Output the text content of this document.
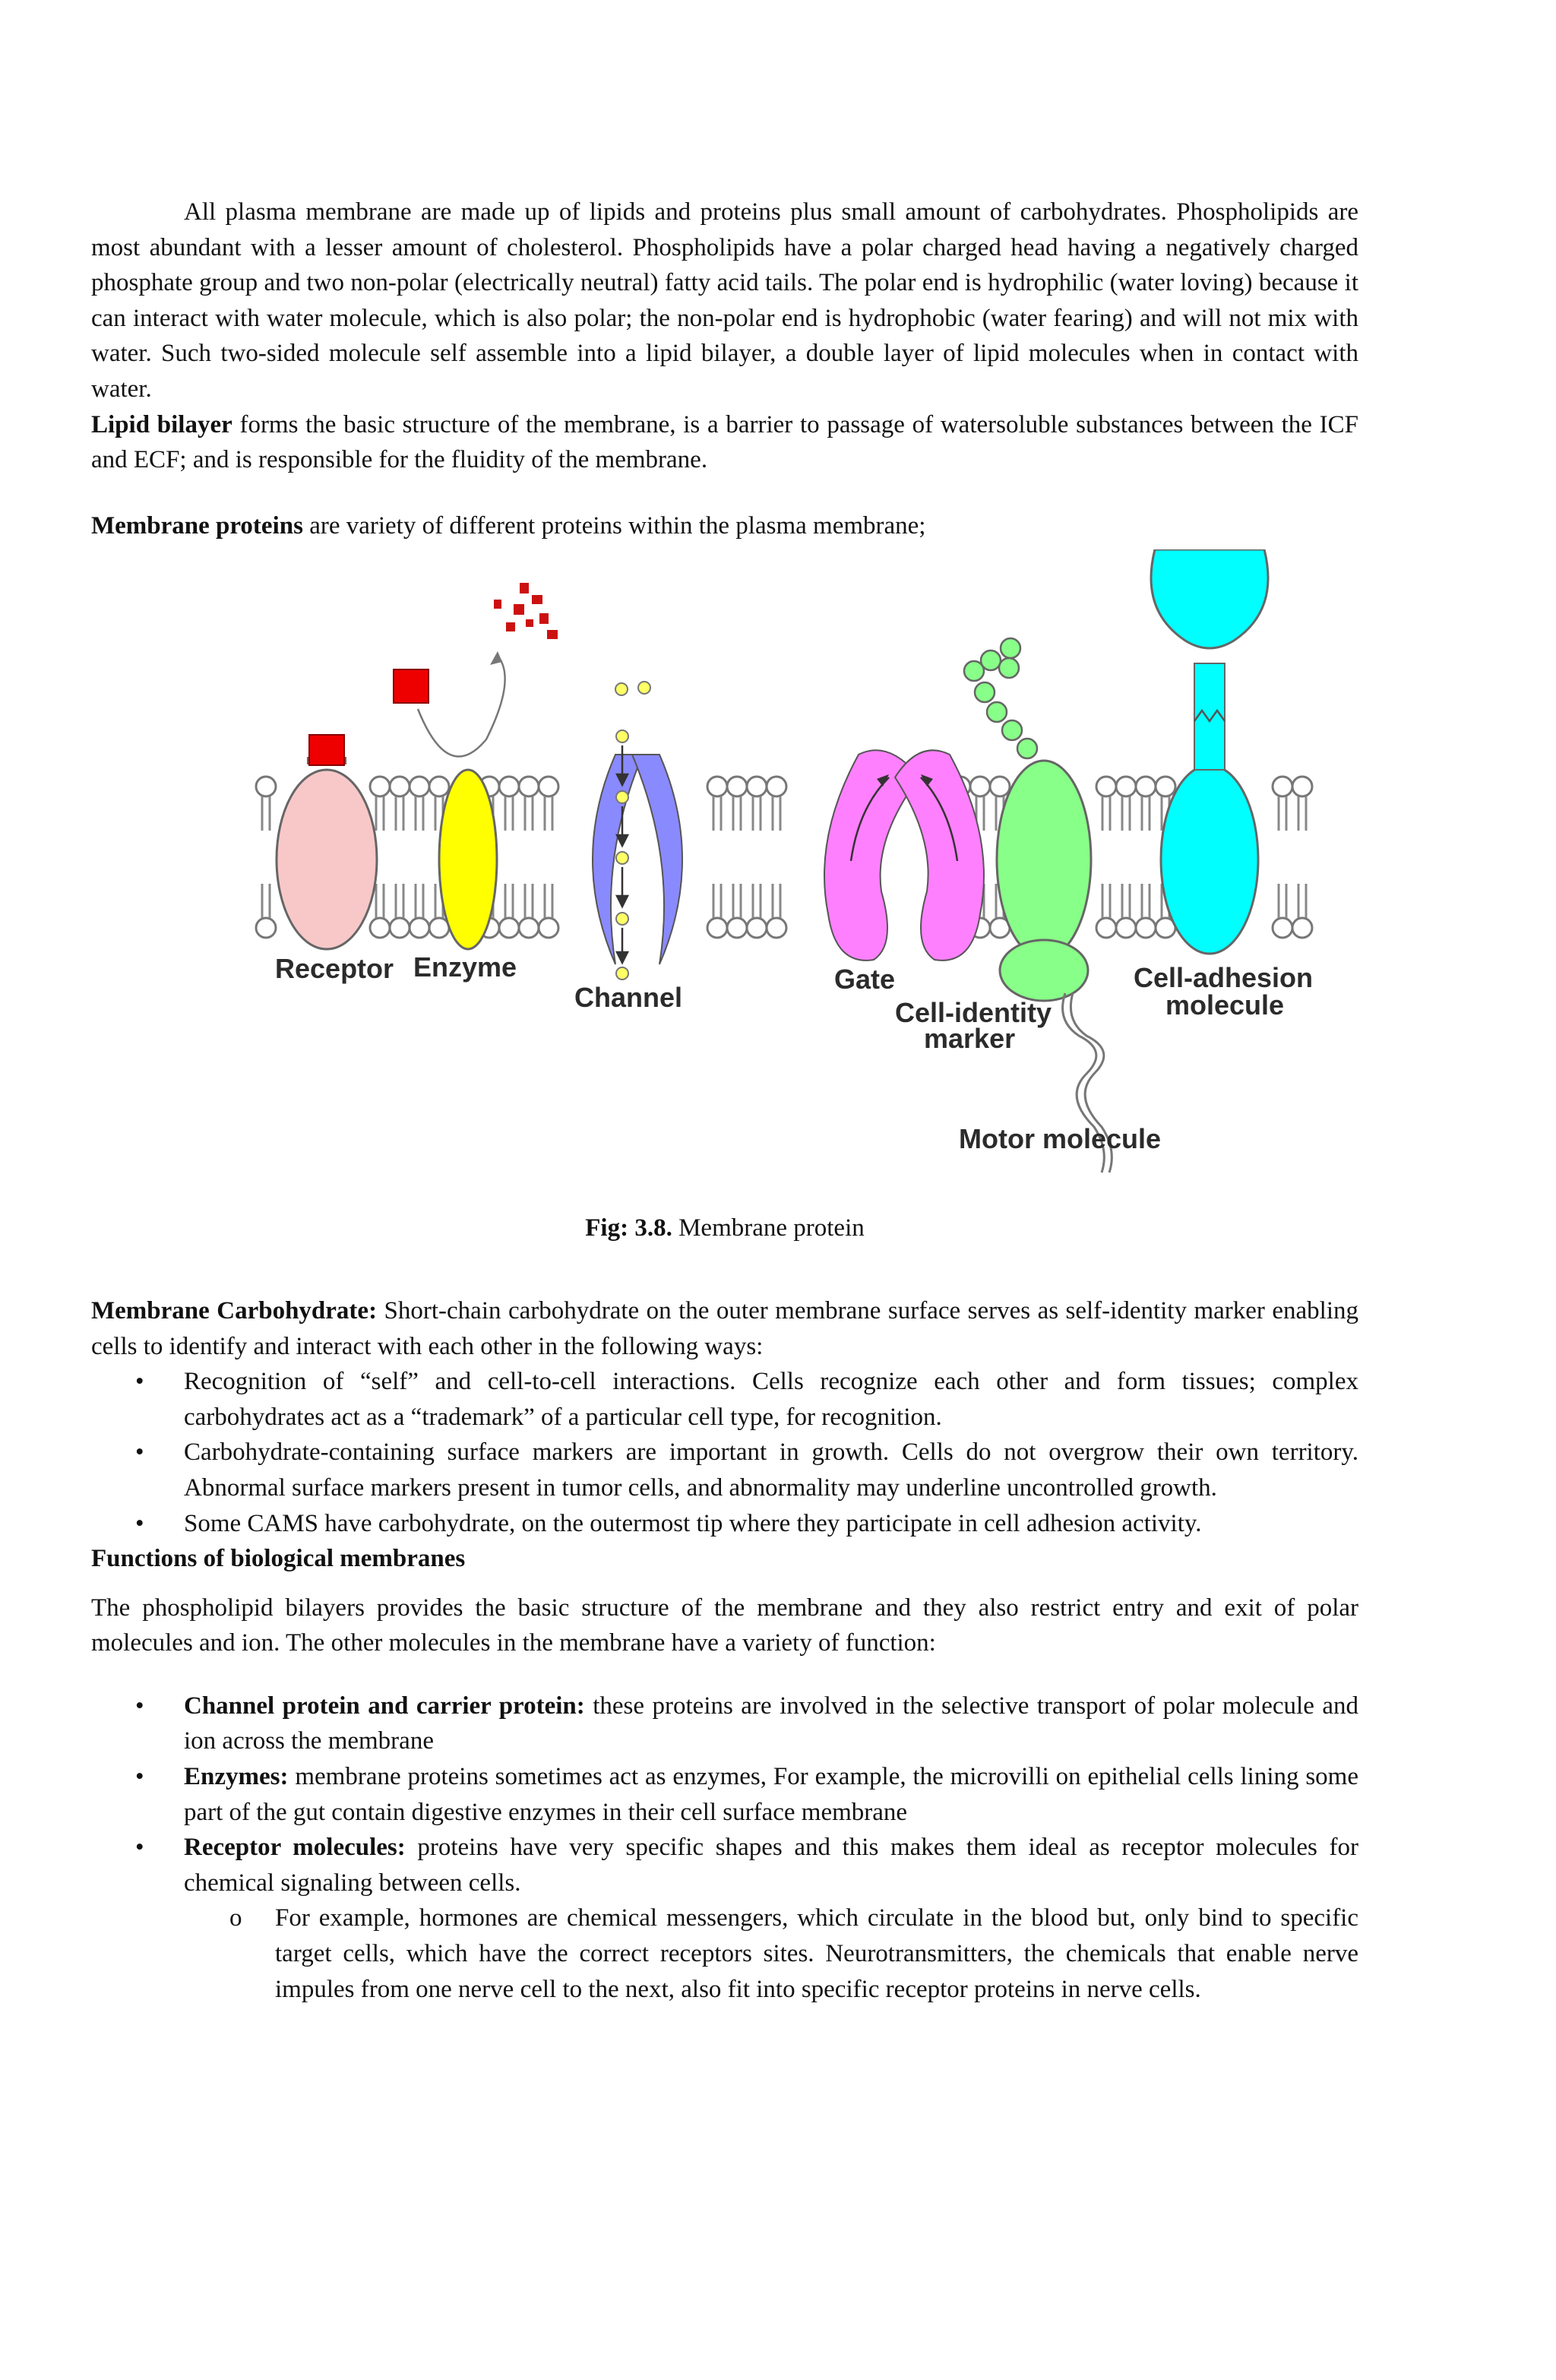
All plasma membrane are made up of lipids and proteins plus small amount of carbohydrates. Phospholipids are most abundant with a lesser amount of cholesterol. Phospholipids have a polar charged head having a negatively charged phosphate group and two non-polar (electrically neutral) fatty acid tails. The polar end is hydrophilic (water loving) because it can interact with water molecule, which is also polar; the non-polar end is hydrophobic (water fearing) and will not mix with water. Such two-sided molecule self assemble into a lipid bilayer, a double layer of lipid molecules when in contact with water.

Lipid bilayer forms the basic structure of the membrane, is a barrier to passage of watersoluble substances between the ICF and ECF; and is responsible for the fluidity of the membrane.

Membrane proteins are variety of different proteins within the plasma membrane;

Receptor Enzyme
Channel
Gate
Cell-identity
marker
Cell-adhesion
molecule
Motor molecule

Fig: 3.8. Membrane protein

Membrane Carbohydrate: Short-chain carbohydrate on the outer membrane surface serves as self-identity marker enabling cells to identify and interact with each other in the following ways:

• Recognition of “self” and cell-to-cell interactions. Cells recognize each other and form tissues; complex carbohydrates act as a “trademark” of a particular cell type, for recognition.
• Carbohydrate-containing surface markers are important in growth. Cells do not overgrow their own territory. Abnormal surface markers present in tumor cells, and abnormality may underline uncontrolled growth.
• Some CAMS have carbohydrate, on the outermost tip where they participate in cell adhesion activity.

Functions of biological membranes

The phospholipid bilayers provides the basic structure of the membrane and they also restrict entry and exit of polar molecules and ion. The other molecules in the membrane have a variety of function:

• Channel protein and carrier protein: these proteins are involved in the selective transport of polar molecule and ion across the membrane
• Enzymes: membrane proteins sometimes act as enzymes, For example, the microvilli on epithelial cells lining some part of the gut contain digestive enzymes in their cell surface membrane
• Receptor molecules: proteins have very specific shapes and this makes them ideal as receptor molecules for chemical signaling between cells.
o For example, hormones are chemical messengers, which circulate in the blood but, only bind to specific target cells, which have the correct receptors sites. Neurotransmitters, the chemicals that enable nerve impules from one nerve cell to the next, also fit into specific receptor proteins in nerve cells.
